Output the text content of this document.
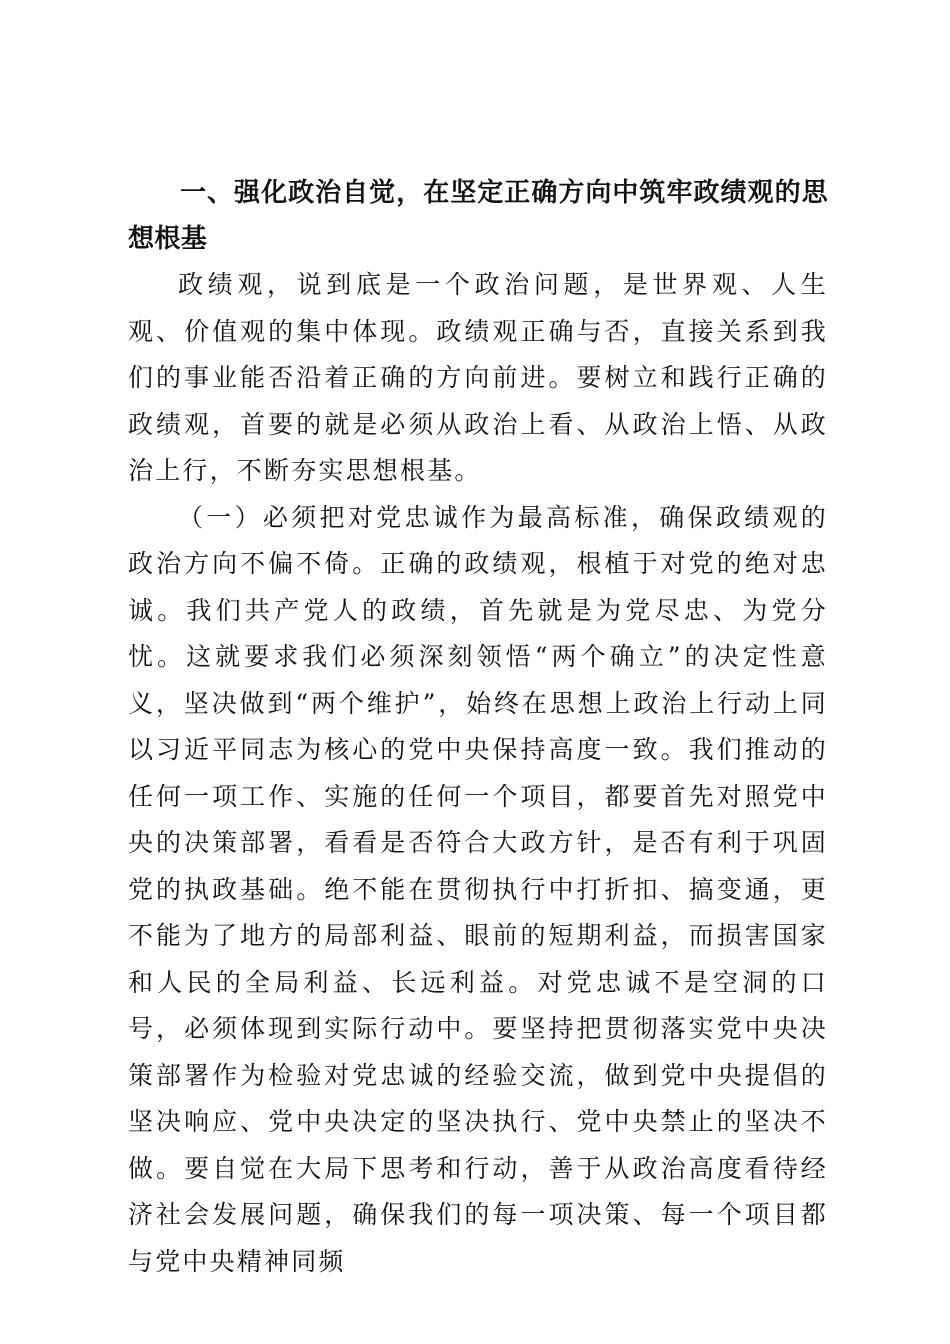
一、强化政治自觉，在坚定正确方向中筑牢政绩观的思想根基

政绩观，说到底是一个政治问题，是世界观、人生观、价值观的集中体现。政绩观正确与否，直接关系到我们的事业能否沿着正确的方向前进。要树立和践行正确的政绩观，首要的就是必须从政治上看、从政治上悟、从政治上行，不断夯实思想根基。

（一）必须把对党忠诚作为最高标准，确保政绩观的政治方向不偏不倚。正确的政绩观，根植于对党的绝对忠诚。我们共产党人的政绩，首先就是为党尽忠、为党分忧。这就要求我们必须深刻领悟“两个确立”的决定性意义，坚决做到“两个维护”，始终在思想上政治上行动上同以习近平同志为核心的党中央保持高度一致。我们推动的任何一项工作、实施的任何一个项目，都要首先对照党中央的决策部署，看看是否符合大政方针，是否有利于巩固党的执政基础。绝不能在贯彻执行中打折扣、搞变通，更不能为了地方的局部利益、眼前的短期利益，而损害国家和人民的全局利益、长远利益。对党忠诚不是空洞的口号，必须体现到实际行动中。要坚持把贯彻落实党中央决策部署作为检验对党忠诚的经验交流，做到党中央提倡的坚决响应、党中央决定的坚决执行、党中央禁止的坚决不做。要自觉在大局下思考和行动，善于从政治高度看待经济社会发展问题，确保我们的每一项决策、每一个项目都与党中央精神同频
